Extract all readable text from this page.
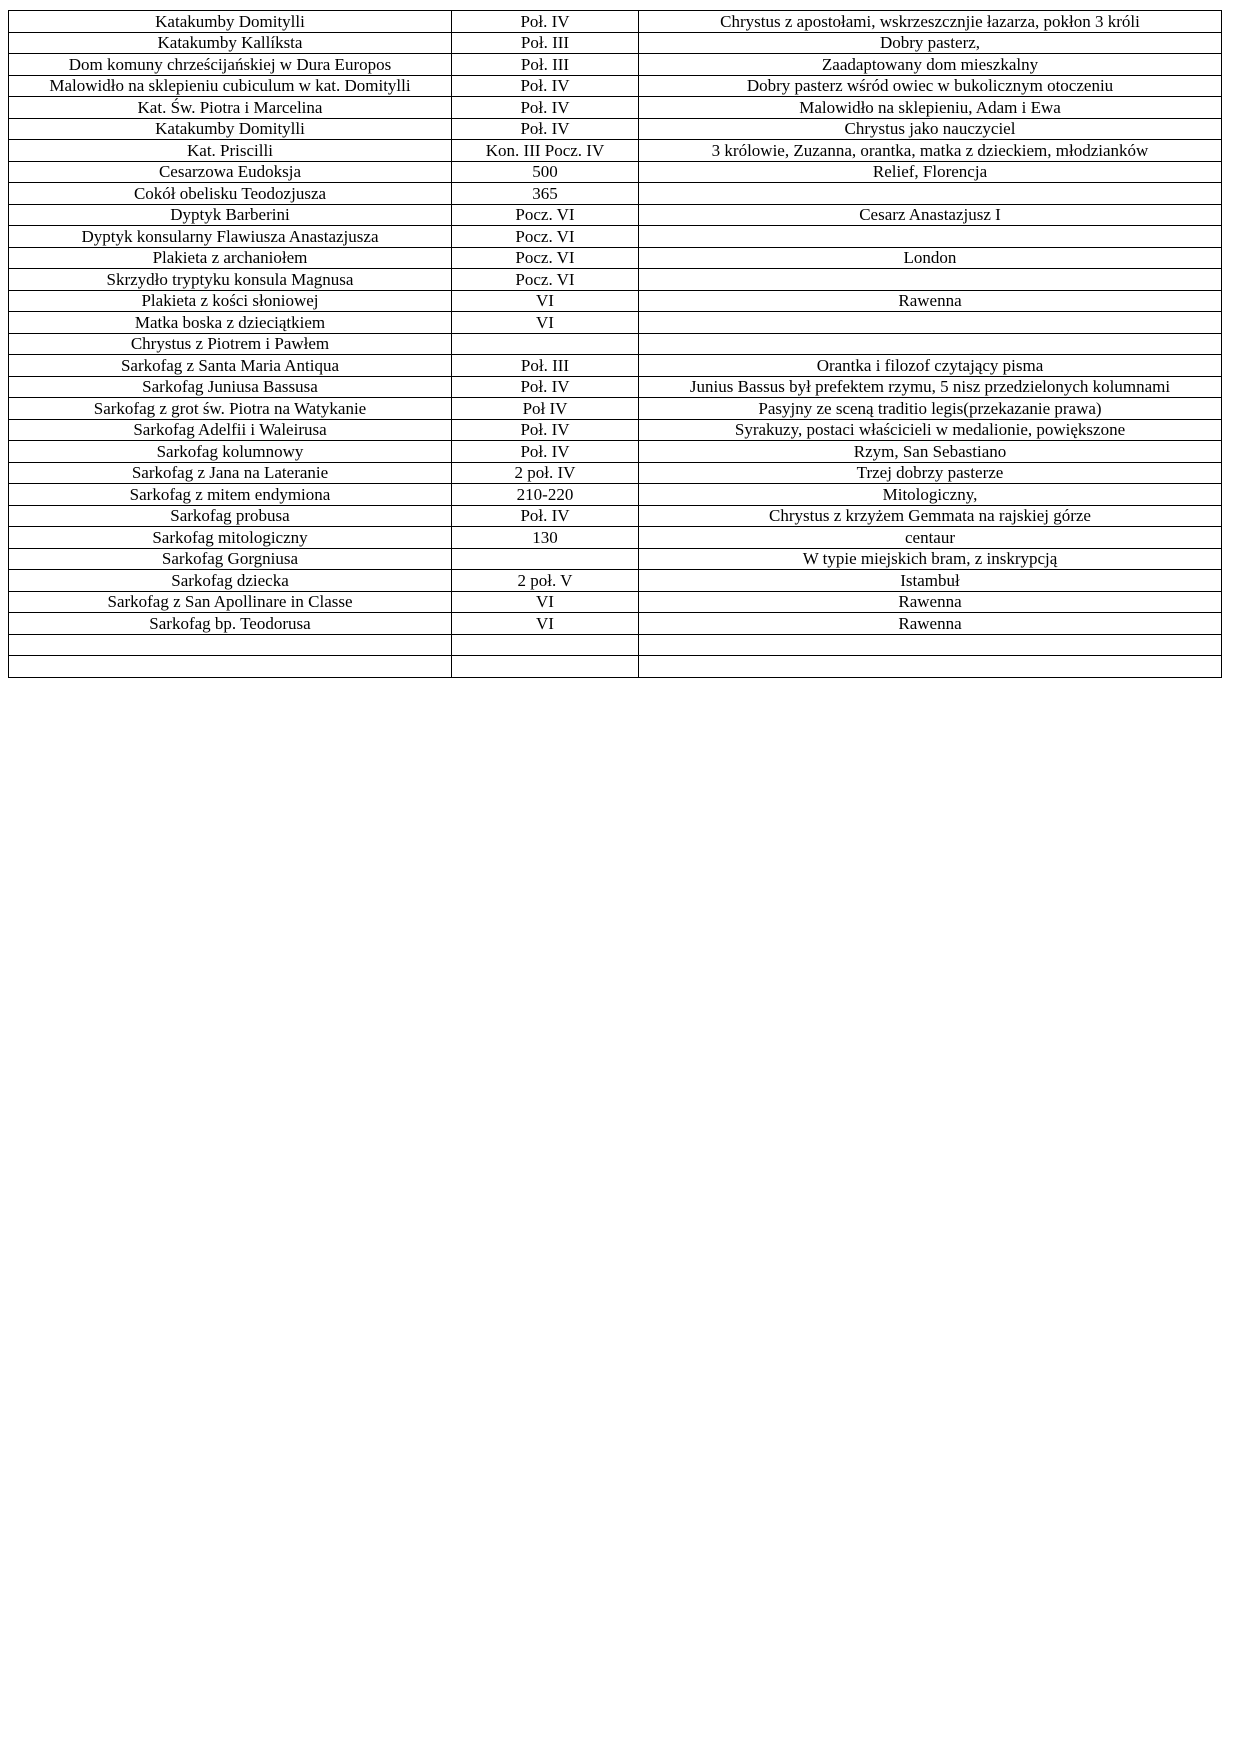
Katakumby Domitylli	Poł. IV	Chrystus z apostołami, wskrzeszcznjie łazarza, pokłon 3 króli
Katakumby Kallíksta	Poł. III	Dobry pasterz,
Dom komuny chrześcijańskiej w Dura Europos	Poł. III	Zaadaptowany dom mieszkalny
Malowidło na sklepieniu cubiculum w kat. Domitylli	Poł. IV	Dobry pasterz wśród owiec w bukolicznym otoczeniu
Kat. Św. Piotra i Marcelina	Poł. IV	Malowidło na sklepieniu, Adam i Ewa
Katakumby Domitylli	Poł. IV	Chrystus jako nauczyciel
Kat. Priscilli	Kon. III Pocz. IV	3 królowie, Zuzanna, orantka, matka z dzieckiem, młodzianków
Cesarzowa Eudoksja	500	Relief, Florencja
Cokół obelisku Teodozjusza	365	
Dyptyk Barberini	Pocz. VI	Cesarz Anastazjusz I
Dyptyk konsularny Flawiusza Anastazjusza	Pocz. VI	
Plakieta z archaniołem	Pocz. VI	London
Skrzydło tryptyku konsula Magnusa	Pocz. VI	
Plakieta z kości słoniowej	VI	Rawenna
Matka boska z dzieciątkiem	VI	
Chrystus z Piotrem i Pawłem		
Sarkofag z Santa Maria Antiqua	Poł. III	Orantka i filozof czytający pisma
Sarkofag Juniusa Bassusa	Poł. IV	Junius Bassus był prefektem rzymu, 5 nisz przedzielonych kolumnami
Sarkofag z grot św. Piotra na Watykanie	Poł IV	Pasyjny ze sceną traditio legis(przekazanie prawa)
Sarkofag Adelfii i Waleirusa	Poł. IV	Syrakuzy, postaci właścicieli w medalionie, powiększone
Sarkofag kolumnowy	Poł. IV	Rzym, San Sebastiano
Sarkofag z Jana na Lateranie	2 poł. IV	Trzej dobrzy pasterze
Sarkofag z mitem endymiona	210-220	Mitologiczny,
Sarkofag probusa	Poł. IV	Chrystus z krzyżem Gemmata na rajskiej górze
Sarkofag mitologiczny	130	centaur
Sarkofag Gorgniusa		W typie miejskich bram, z inskrypcją
Sarkofag dziecka	2 poł. V	Istambuł
Sarkofag z San Apollinare in Classe	VI	Rawenna
Sarkofag bp. Teodorusa	VI	Rawenna
